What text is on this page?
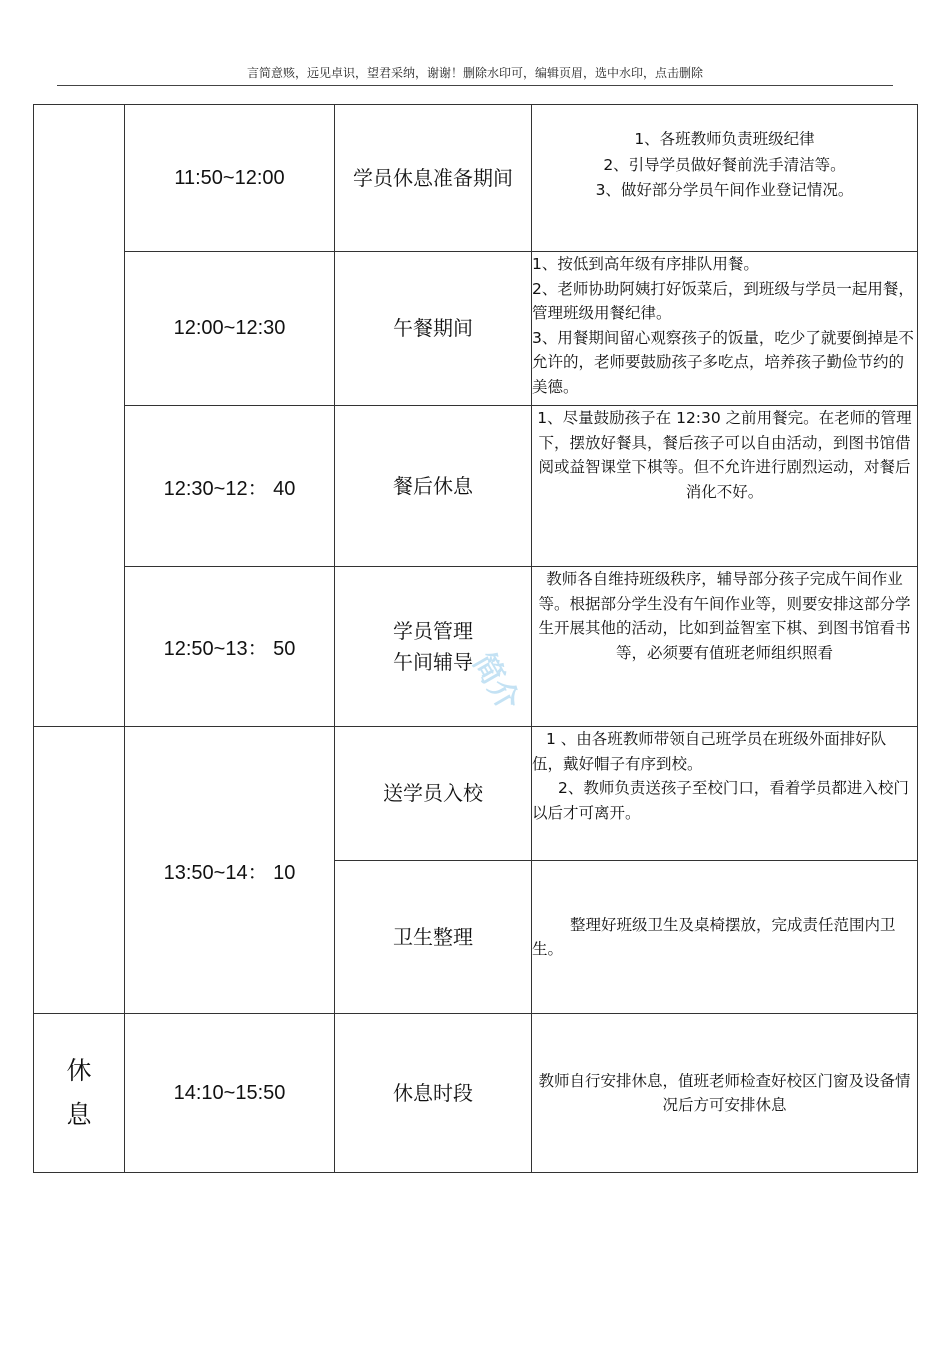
言简意赅，远见卓识，望君采纳，谢谢！删除水印可，编辑页眉，选中水印，点击删除
	11:50~12:00	学员休息准备期间	1、各班教师负责班级纪律

2、引导学员做好餐前洗手清洁等。

3、做好部分学员午间作业登记情况。

	12:00~12:30	午餐期间	1、按低到高年级有序排队用餐。

2、老师协助阿姨打好饭菜后，到班级与学员一起用餐，管理班级用餐纪律。

3、用餐期间留心观察孩子的饭量，吃少了就要倒掉是不允许的，老师要鼓励孩子多吃点，培养孩子勤俭节约的美德。

	12:30~12： 40	餐后休息	1、尽量鼓励孩子在 12:30 之前用餐完。在老师的管理下，摆放好餐具，餐后孩子可以自由活动，到图书馆借阅或益智课堂下棋等。但不允许进行剧烈运动，对餐后消化不好。

	12:50~13： 50	学员管理
午间辅导	教师各自维持班级秩序，辅导部分孩子完成午间作业等。根据部分学生没有午间作业等，则要安排这部分学生开展其他的活动，比如到益智室下棋、到图书馆看书等，必须要有值班老师组织照看

	13:50~14： 10	送学员入校	1 、由各班教师带领自己班学员在班级外面排好队伍，戴好帽子有序到校。

2、教师负责送孩子至校门口，看着学员都进入校门以后才可离开。

		卫生整理	整理好班级卫生及桌椅摆放，完成责任范围内卫生。

休
息	14:10~15:50	休息时段	教师自行安排休息，值班老师检查好校区门窗及设备情况后方可安排休息

简介
